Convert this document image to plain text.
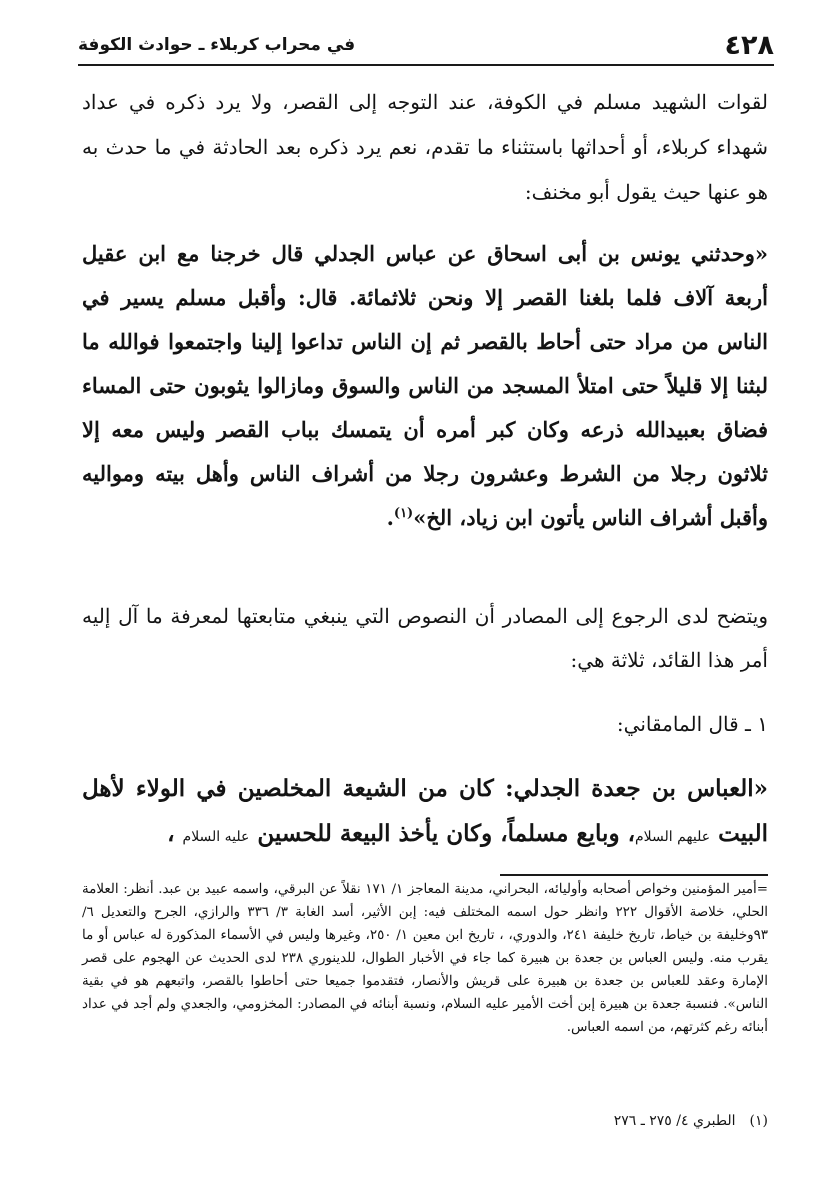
٤٢٨
في محراب كربلاء ـ حوادث الكوفة

لقوات الشهيد مسلم في الكوفة، عند التوجه إلى القصر، ولا يرد ذكره في عداد شهداء كربلاء، أو أحداثها باستثناء ما تقدم، نعم يرد ذكره بعد الحادثة في ما حدث به هو عنها حيث يقول أبو مخنف:

«وحدثني يونس بن أبى اسحاق عن عباس الجدلي قال خرجنا مع ابن عقيل أربعة آلاف فلما بلغنا القصر إلا ونحن ثلاثمائة. قال: وأقبل مسلم يسير في الناس من مراد حتى أحاط بالقصر ثم إن الناس تداعوا إلينا واجتمعوا فوالله ما لبثنا إلا قليلاً حتى امتلأ المسجد من الناس والسوق ومازالوا يثوبون حتى المساء فضاق بعبيدالله ذرعه وكان كبر أمره أن يتمسك بباب القصر وليس معه إلا ثلاثون رجلا من الشرط وعشرون رجلا من أشراف الناس وأهل بيته ومواليه وأقبل أشراف الناس يأتون ابن زياد، الخ»$^{(١)}$.

ويتضح لدى الرجوع إلى المصادر أن النصوص التي ينبغي متابعتها لمعرفة ما آل إليه أمر هذا القائد، ثلاثة هي:

١ ـ قال المامقاني:

«العباس بن جعدة الجدلي: كان من الشيعة المخلصين في الولاء لأهل البيت عليهم السلام، وبايع مسلماً، وكان يأخذ البيعة للحسين عليه السلام ،

=أمير المؤمنين وخواص أصحابه وأوليائه، البحراني، مدينة المعاجز ١/ ١٧١ نقلاً عن البرقي، واسمه عبيد بن عبد. أنظر: العلامة الحلي، خلاصة الأقوال ٢٢٢ وانظر حول اسمه المختلف فيه: إبن الأثير، أسد الغابة ٣/ ٣٣٦ والرازي، الجرح والتعديل ٦/ ٩٣وخليفة بن خياط، تاريخ خليفة ٢٤١، والدوري، ، تاريخ ابن معين ١/ ٢٥٠، وغيرها وليس في الأسماء المذكورة له عباس أو ما يقرب منه. وليس العباس بن جعدة بن هبيرة كما جاء في الأخبار الطوال، للدينوري ٢٣٨ لدى الحديث عن الهجوم على قصر الإمارة وعقد للعباس بن جعدة بن هبيرة على قريش والأنصار، فتقدموا جميعا حتى أحاطوا بالقصر، واتبعهم هو في بقية الناس». فنسبة جعدة بن هبيرة إبن أخت الأمير عليه السلام، ونسبة أبنائه في المصادر: المخزومي، والجعدي ولم أجد في عداد أبنائه رغم كثرتهم، من اسمه العباس.

(١)
الطبري ٤/ ٢٧٥ ـ ٢٧٦
